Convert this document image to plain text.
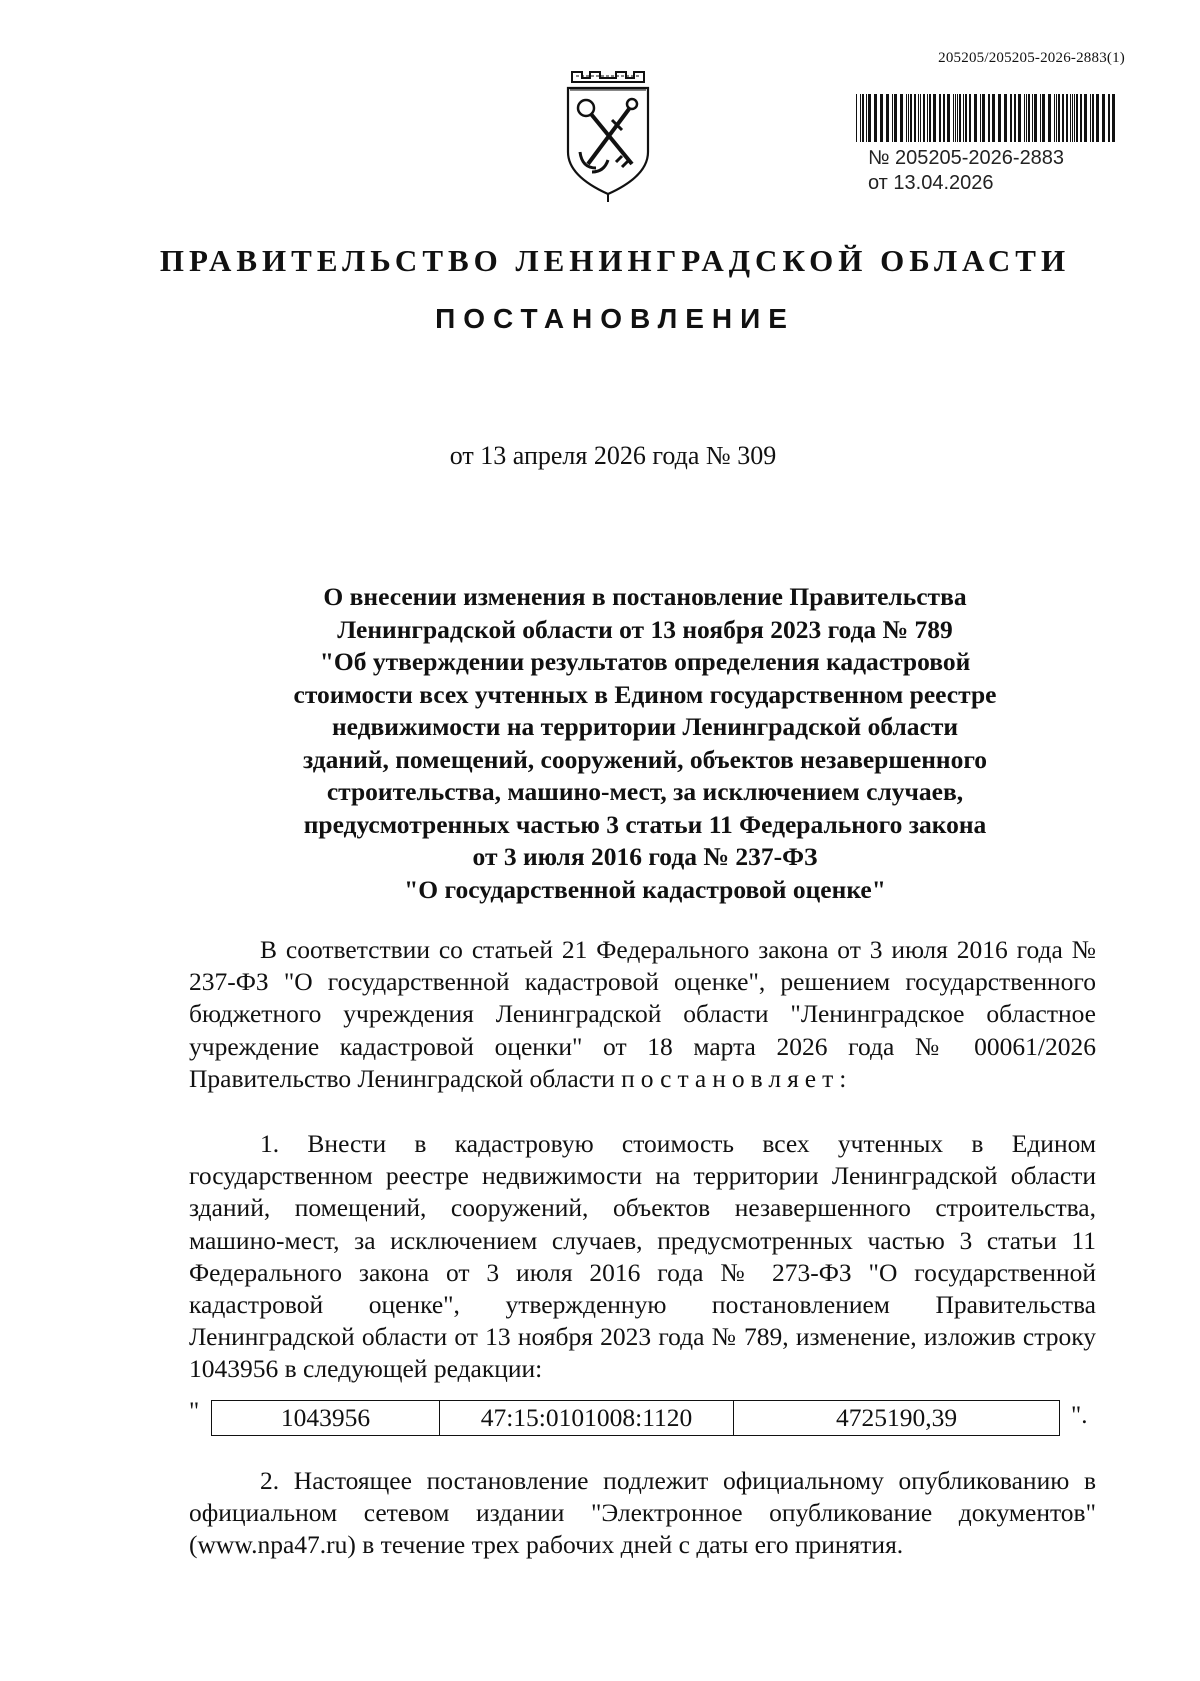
205205/205205-2026-2883(1)
№ 205205-2026-2883
от 13.04.2026
ПРАВИТЕЛЬСТВО ЛЕНИНГРАДСКОЙ ОБЛАСТИ
ПОСТАНОВЛЕНИЕ
от 13 апреля 2026 года № 309
О внесении изменения в постановление Правительства
Ленинградской области от 13 ноября 2023 года № 789
"Об утверждении результатов определения кадастровой
стоимости всех учтенных в Едином государственном реестре
недвижимости на территории Ленинградской области
зданий, помещений, сооружений, объектов незавершенного
строительства, машино-мест, за исключением случаев,
предусмотренных частью 3 статьи 11 Федерального закона
от 3 июля 2016 года № 237-ФЗ
"О государственной кадастровой оценке"
В соответствии со статьей 21 Федерального закона от 3 июля 2016 года № 237-ФЗ "О государственной кадастровой оценке", решением государственного бюджетного учреждения Ленинградской области "Ленинградское областное учреждение кадастровой оценки" от 18 марта 2026 года № 00061/2026 Правительство Ленинградской области постановляет:
1. Внести в кадастровую стоимость всех учтенных в Едином государственном реестре недвижимости на территории Ленинградской области зданий, помещений, сооружений, объектов незавершенного строительства, машино-мест, за исключением случаев, предусмотренных частью 3 статьи 11 Федерального закона от 3 июля 2016 года № 273-ФЗ "О государственной кадастровой оценке", утвержденную постановлением Правительства Ленинградской области от 13 ноября 2023 года № 789, изменение, изложив строку 1043956 в следующей редакции:
"	1043956	47:15:0101008:1120	4725190,39	".
2. Настоящее постановление подлежит официальному опубликованию в официальном сетевом издании "Электронное опубликование документов" (www.npa47.ru) в течение трех рабочих дней с даты его принятия.
